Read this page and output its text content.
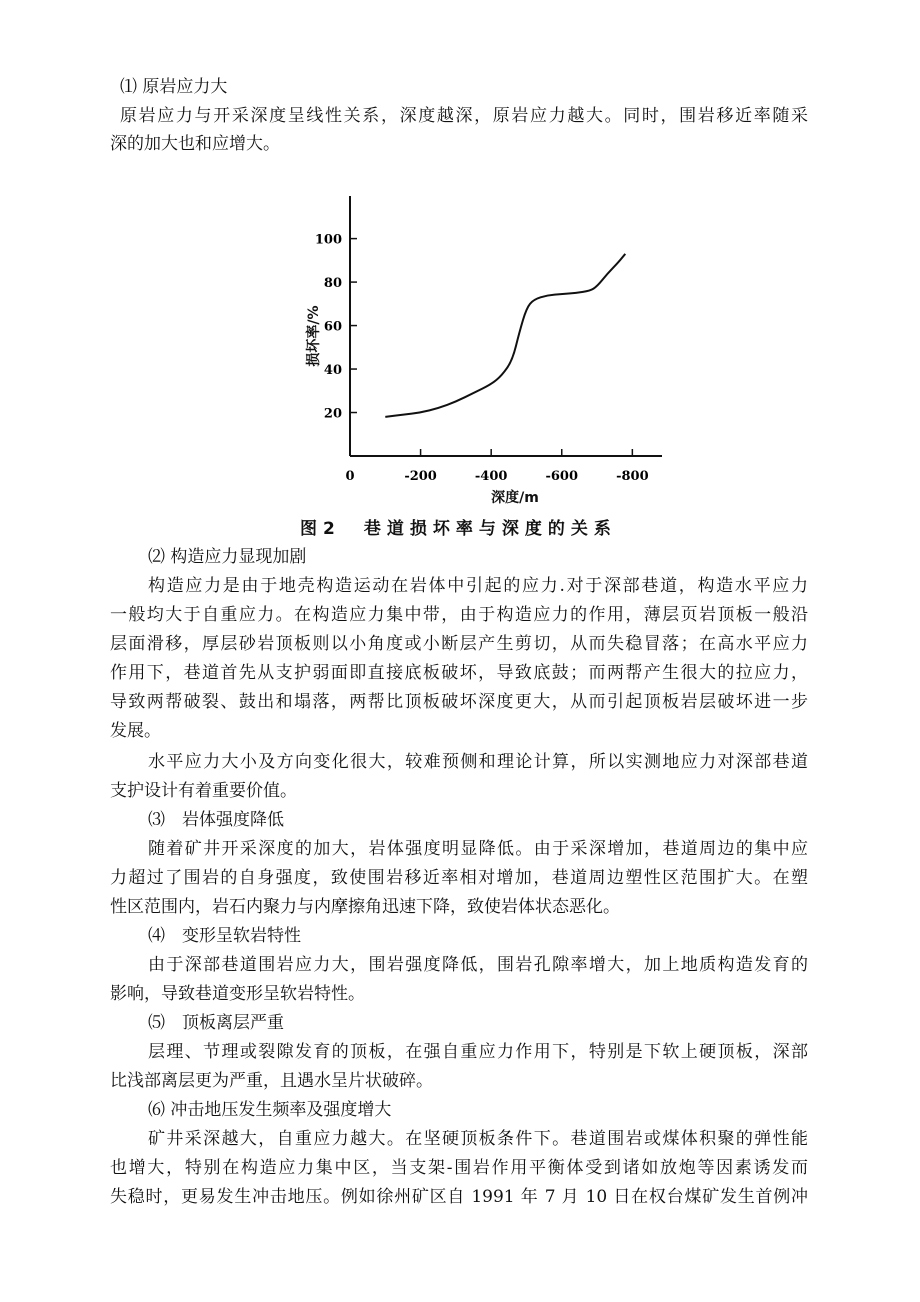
⑴ 原岩应力大
原岩应力与开采深度呈线性关系，深度越深，原岩应力越大。同时，围岩移近率随采
深的加大也和应增大。
⑵ 构造应力显现加剧
构造应力是由于地壳构造运动在岩体中引起的应力.对于深部巷道，构造水平应力
一般均大于自重应力。在构造应力集中带，由于构造应力的作用，薄层页岩顶板一般沿
层面滑移，厚层砂岩顶板则以小角度或小断层产生剪切，从而失稳冒落；在高水平应力
作用下，巷道首先从支护弱面即直接底板破坏，导致底鼓；而两帮产生很大的拉应力，
导致两帮破裂、鼓出和塌落，两帮比顶板破坏深度更大，从而引起顶板岩层破坏进一步
发展。
水平应力大小及方向变化很大，较难预侧和理论计算，所以实测地应力对深部巷道
支护设计有着重要价值。
⑶　岩体强度降低
随着矿井开采深度的加大，岩体强度明显降低。由于采深增加，巷道周边的集中应
力超过了围岩的自身强度，致使围岩移近率相对增加，巷道周边塑性区范围扩大。在塑
性区范围内，岩石内聚力与内摩擦角迅速下降，致使岩体状态恶化。
⑷　变形呈软岩特性
由于深部巷道围岩应力大，围岩强度降低，围岩孔隙率增大，加上地质构造发育的
影响，导致巷道变形呈软岩特性。
⑸　顶板离层严重
层理、节理或裂隙发育的顶板，在强自重应力作用下，特别是下软上硬顶板，深部
比浅部离层更为严重，且遇水呈片状破碎。
⑹ 冲击地压发生频率及强度增大
矿井采深越大，自重应力越大。在坚硬顶板条件下。巷道围岩或煤体积聚的弹性能
也增大，特别在构造应力集中区，当支架-围岩作用平衡体受到诸如放炮等因素诱发而
失稳时，更易发生冲击地压。例如徐州矿区自 1991 年 7 月 10 日在权台煤矿发生首例冲
20
40
60
80
100
0	-200	-400	-600	-800
损坏率/%
深度/m
图2　巷道损坏率与深度的关系
